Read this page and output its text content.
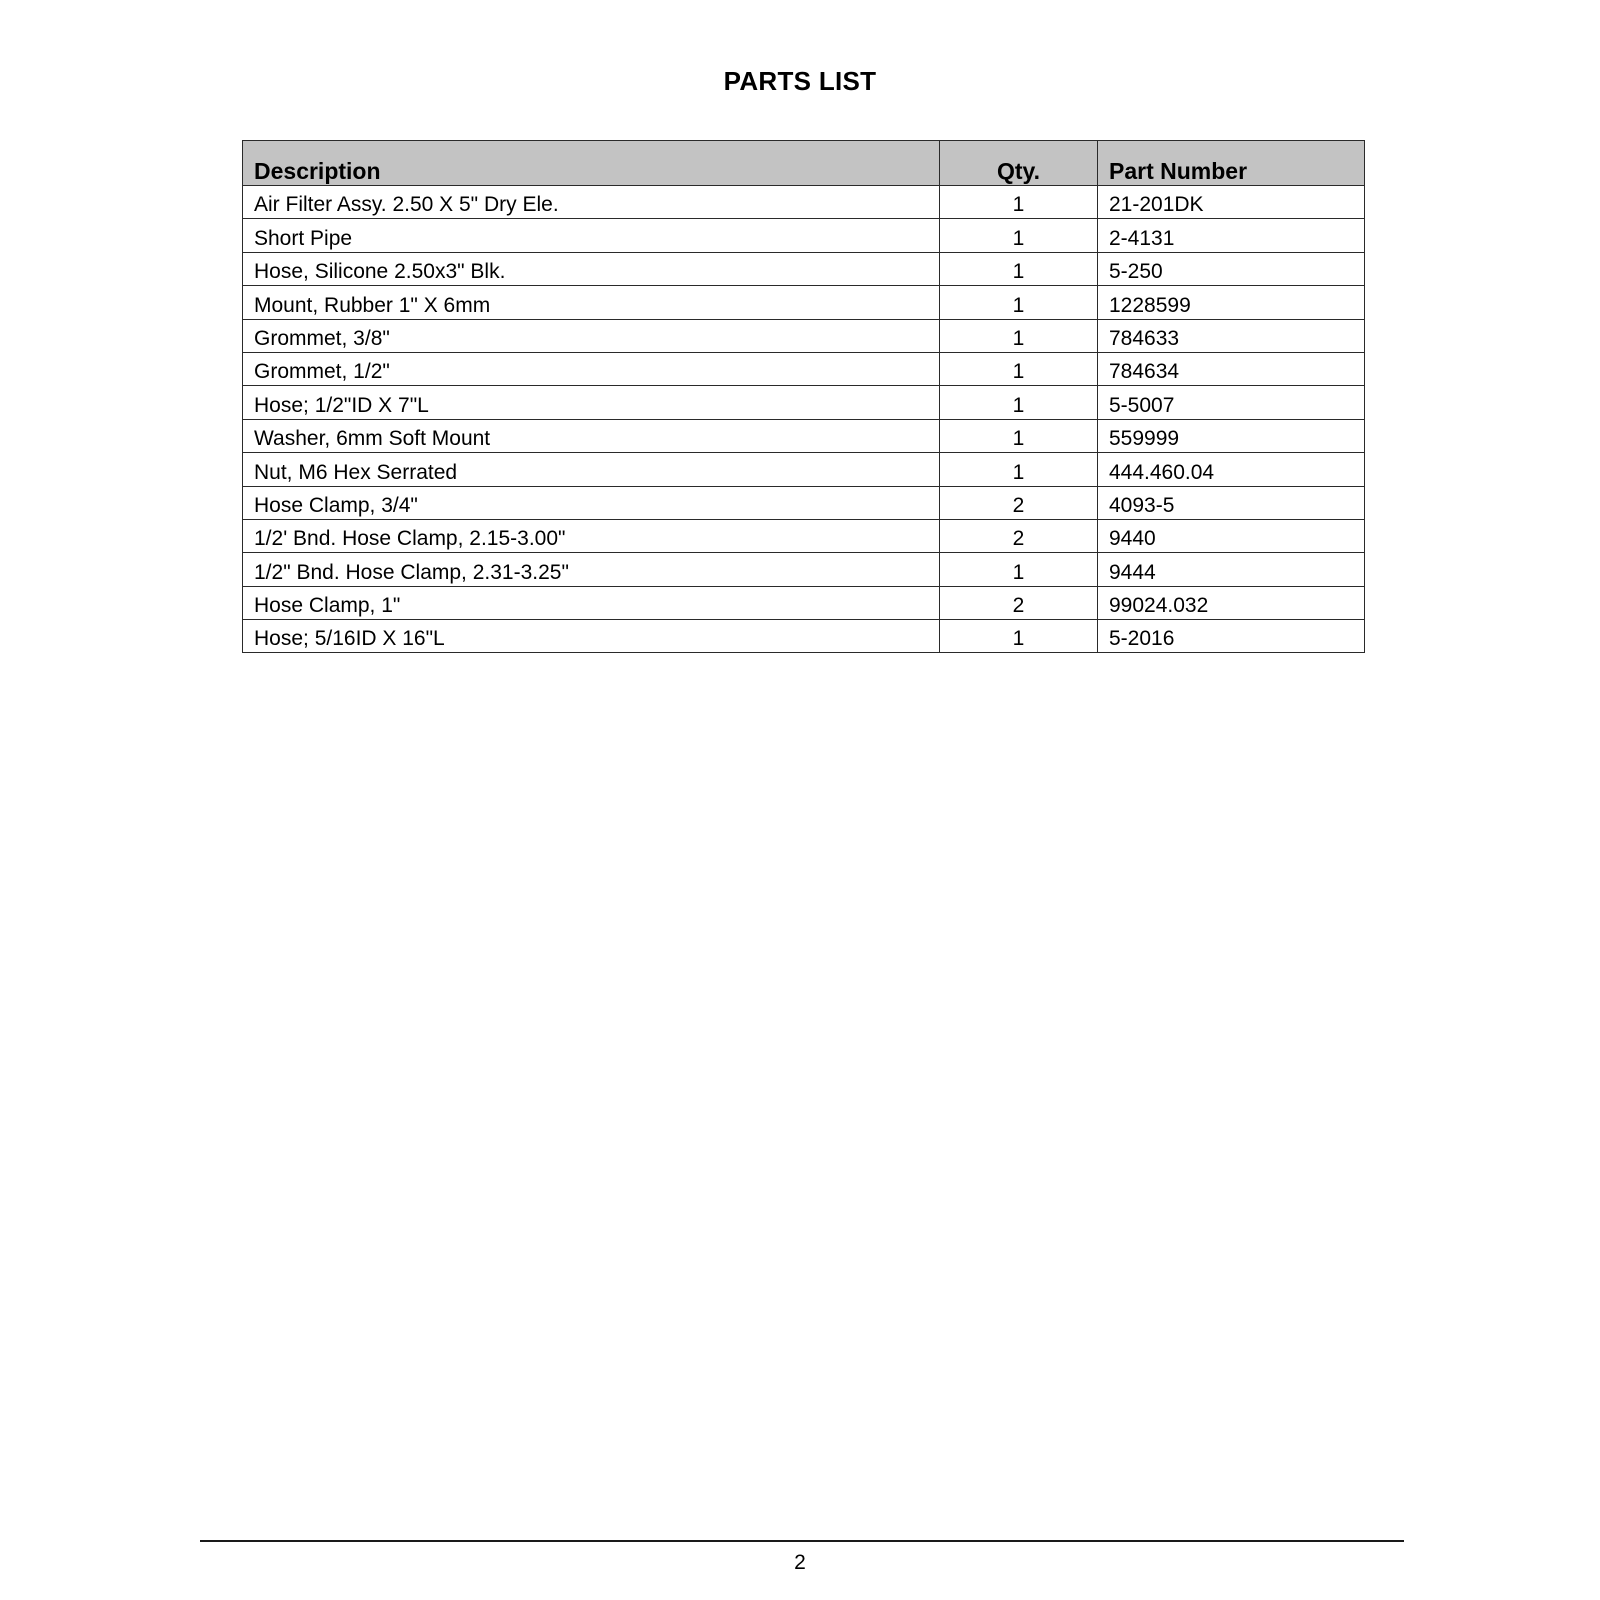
PARTS LIST
Description	Qty.	Part Number
Air Filter Assy. 2.50 X 5" Dry Ele.	1	21-201DK
Short Pipe	1	2-4131
Hose, Silicone 2.50x3" Blk.	1	5-250
Mount, Rubber 1" X 6mm	1	1228599
Grommet, 3/8"	1	784633
Grommet, 1/2"	1	784634
Hose; 1/2"ID X 7"L	1	5-5007
Washer, 6mm Soft Mount	1	559999
Nut, M6 Hex Serrated	1	444.460.04
Hose Clamp, 3/4"	2	4093-5
1/2' Bnd. Hose Clamp, 2.15-3.00"	2	9440
1/2" Bnd. Hose Clamp, 2.31-3.25"	1	9444
Hose Clamp, 1"	2	99024.032
Hose; 5/16ID X 16"L	1	5-2016
2
